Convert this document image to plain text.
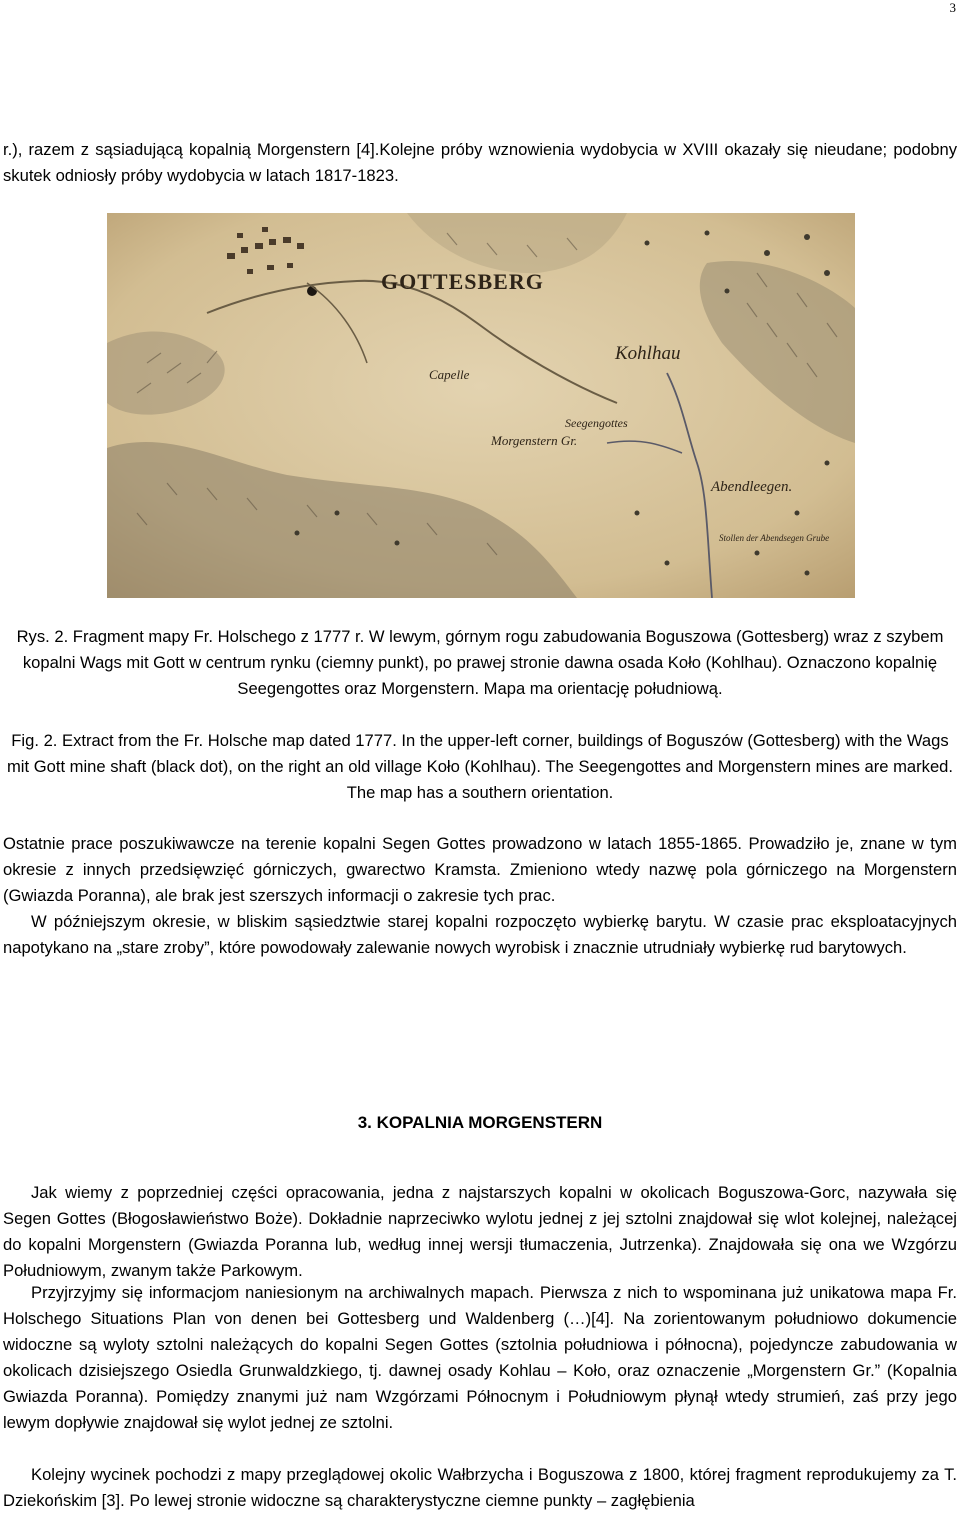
3

r.), razem z sąsiadującą kopalnią Morgenstern [4].Kolejne próby wznowienia wydobycia w XVIII okazały się nieudane; podobny skutek odniosły próby wydobycia w latach 1817-1823.

GOTTESBERG
Kohlhau
Capelle
Seegengottes
Morgenstern Gr.
Abendleegen.
Stollen der Abendsegen Grube

Rys. 2. Fragment mapy Fr. Holschego z 1777 r. W lewym, górnym rogu zabudowania Boguszowa (Gottesberg) wraz z szybem kopalni Wags mit Gott w centrum rynku (ciemny punkt), po prawej stronie dawna osada Koło (Kohlhau). Oznaczono kopalnię Seegengottes oraz Morgenstern. Mapa ma orientację południową.

Fig. 2. Extract from the Fr. Holsche map dated 1777. In the upper-left corner, buildings of Boguszów (Gottesberg) with the Wags mit Gott mine shaft (black dot), on the right an old village Koło (Kohlhau). The Seegengottes and Morgenstern mines are marked. The map has a southern orientation.

Ostatnie prace poszukiwawcze na terenie kopalni Segen Gottes prowadzono w latach 1855-1865. Prowadziło je, znane w tym okresie z innych przedsięwzięć górniczych, gwarectwo Kramsta. Zmieniono wtedy nazwę pola górniczego na Morgenstern (Gwiazda Poranna), ale brak jest szerszych informacji o zakresie tych prac.

W późniejszym okresie, w bliskim sąsiedztwie starej kopalni rozpoczęto wybierkę barytu. W czasie prac eksploatacyjnych napotykano na „stare zroby”, które powodowały zalewanie nowych wyrobisk i znacznie utrudniały wybierkę rud barytowych.

3. KOPALNIA MORGENSTERN

Jak wiemy z poprzedniej części opracowania, jedna z najstarszych kopalni w okolicach Boguszowa-Gorc, nazywała się Segen Gottes (Błogosławieństwo Boże). Dokładnie naprzeciwko wylotu jednej z jej sztolni znajdował się wlot kolejnej, należącej do kopalni Morgenstern (Gwiazda Poranna lub, według innej wersji tłumaczenia, Jutrzenka). Znajdowała się ona we Wzgórzu Południowym, zwanym także Parkowym.

Przyjrzyjmy się informacjom naniesionym na archiwalnych mapach. Pierwsza z nich to wspominana już unikatowa mapa Fr. Holschego Situations Plan von denen bei Gottesberg und Waldenberg (…)[4]. Na zorientowanym południowo dokumencie widoczne są wyloty sztolni należących do kopalni Segen Gottes (sztolnia południowa i północna), pojedyncze zabudowania w okolicach dzisiejszego Osiedla Grunwaldzkiego, tj. dawnej osady Kohlau – Koło, oraz oznaczenie „Morgenstern Gr.” (Kopalnia Gwiazda Poranna). Pomiędzy znanymi już nam Wzgórzami Północnym i Południowym płynął wtedy strumień, zaś przy jego lewym dopływie znajdował się wylot jednej ze sztolni.

Kolejny wycinek pochodzi z mapy przeglądowej okolic Wałbrzycha i Boguszowa z 1800, której fragment reprodukujemy za T. Dziekońskim [3]. Po lewej stronie widoczne są charakterystyczne ciemne punkty – zagłębienia
